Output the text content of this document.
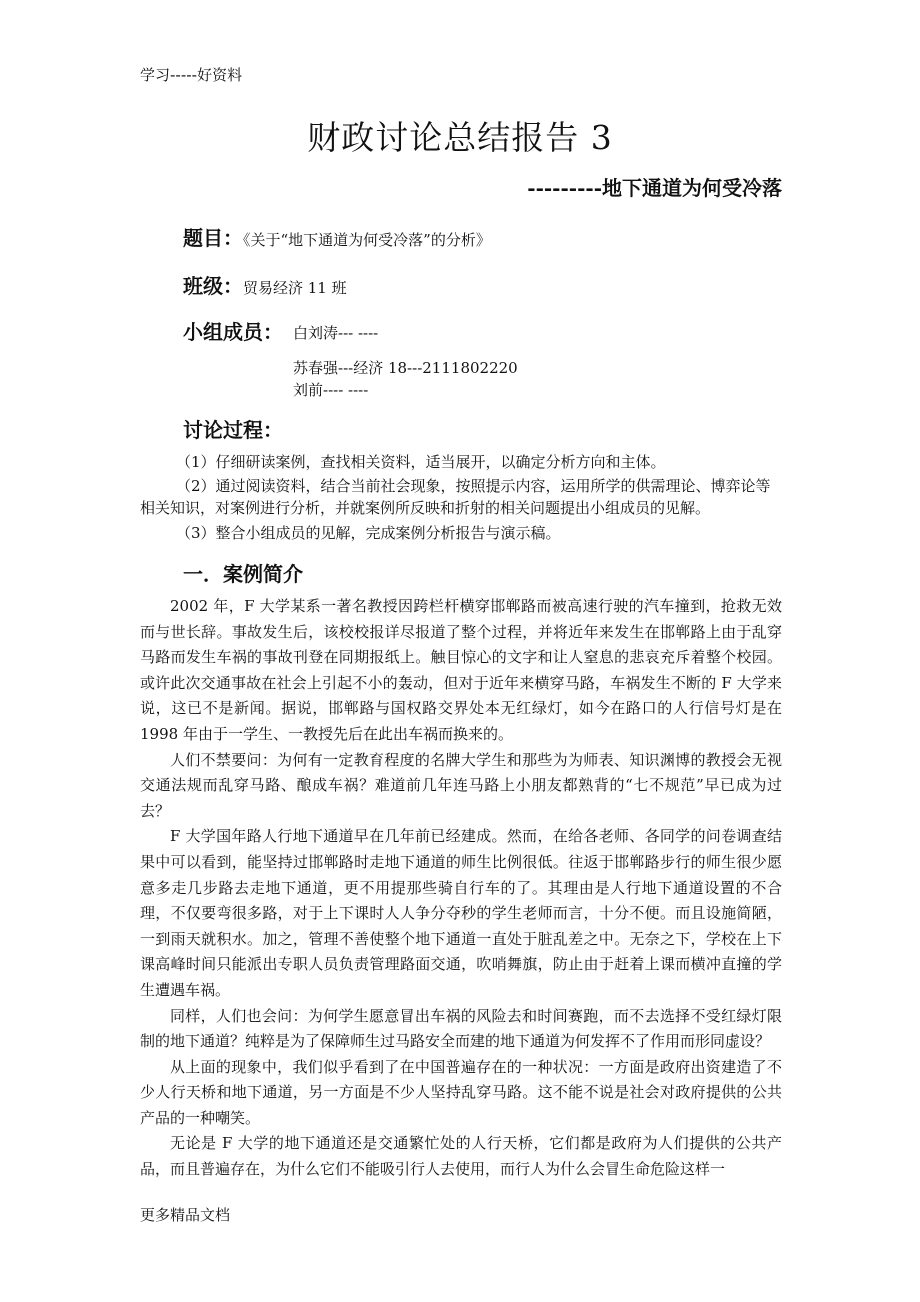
学习-----好资料
财政讨论总结报告 3
---------地下通道为何受冷落
题目：《关于“地下通道为何受冷落”的分析》
班级：贸易经济 11 班
小组成员： 白刘涛--- ----
苏春强---经济 18---2111802220
刘前---- ----
讨论过程：

（1）仔细研读案例，查找相关资料，适当展开，以确定分析方向和主体。

（2）通过阅读资料，结合当前社会现象，按照提示内容，运用所学的供需理论、博弈论等相关知识，对案例进行分析，并就案例所反映和折射的相关问题提出小组成员的见解。

（3）整合小组成员的见解，完成案例分析报告与演示稿。

一．案例简介

2002 年，F 大学某系一著名教授因跨栏杆横穿邯郸路而被高速行驶的汽车撞到，抢救无效而与世长辞。事故发生后，该校校报详尽报道了整个过程，并将近年来发生在邯郸路上由于乱穿马路而发生车祸的事故刊登在同期报纸上。触目惊心的文字和让人窒息的悲哀充斥着整个校园。或许此次交通事故在社会上引起不小的轰动，但对于近年来横穿马路，车祸发生不断的 F 大学来说，这已不是新闻。据说，邯郸路与国权路交界处本无红绿灯，如今在路口的人行信号灯是在 1998 年由于一学生、一教授先后在此出车祸而换来的。

人们不禁要问：为何有一定教育程度的名牌大学生和那些为为师表、知识渊博的教授会无视交通法规而乱穿马路、酿成车祸？难道前几年连马路上小朋友都熟背的“七不规范”早已成为过去？

F 大学国年路人行地下通道早在几年前已经建成。然而，在给各老师、各同学的问卷调查结果中可以看到，能坚持过邯郸路时走地下通道的师生比例很低。往返于邯郸路步行的师生很少愿意多走几步路去走地下通道，更不用提那些骑自行车的了。其理由是人行地下通道设置的不合理，不仅要弯很多路，对于上下课时人人争分夺秒的学生老师而言，十分不便。而且设施简陋，一到雨天就积水。加之，管理不善使整个地下通道一直处于脏乱差之中。无奈之下，学校在上下课高峰时间只能派出专职人员负责管理路面交通，吹哨舞旗，防止由于赶着上课而横冲直撞的学生遭遇车祸。

同样，人们也会问：为何学生愿意冒出车祸的风险去和时间赛跑，而不去选择不受红绿灯限制的地下通道？纯粹是为了保障师生过马路安全而建的地下通道为何发挥不了作用而形同虚设？

从上面的现象中，我们似乎看到了在中国普遍存在的一种状况：一方面是政府出资建造了不少人行天桥和地下通道，另一方面是不少人坚持乱穿马路。这不能不说是社会对政府提供的公共产品的一种嘲笑。

无论是 F 大学的地下通道还是交通繁忙处的人行天桥，它们都是政府为人们提供的公共产品，而且普遍存在，为什么它们不能吸引行人去使用，而行人为什么会冒生命危险这样一

更多精品文档
